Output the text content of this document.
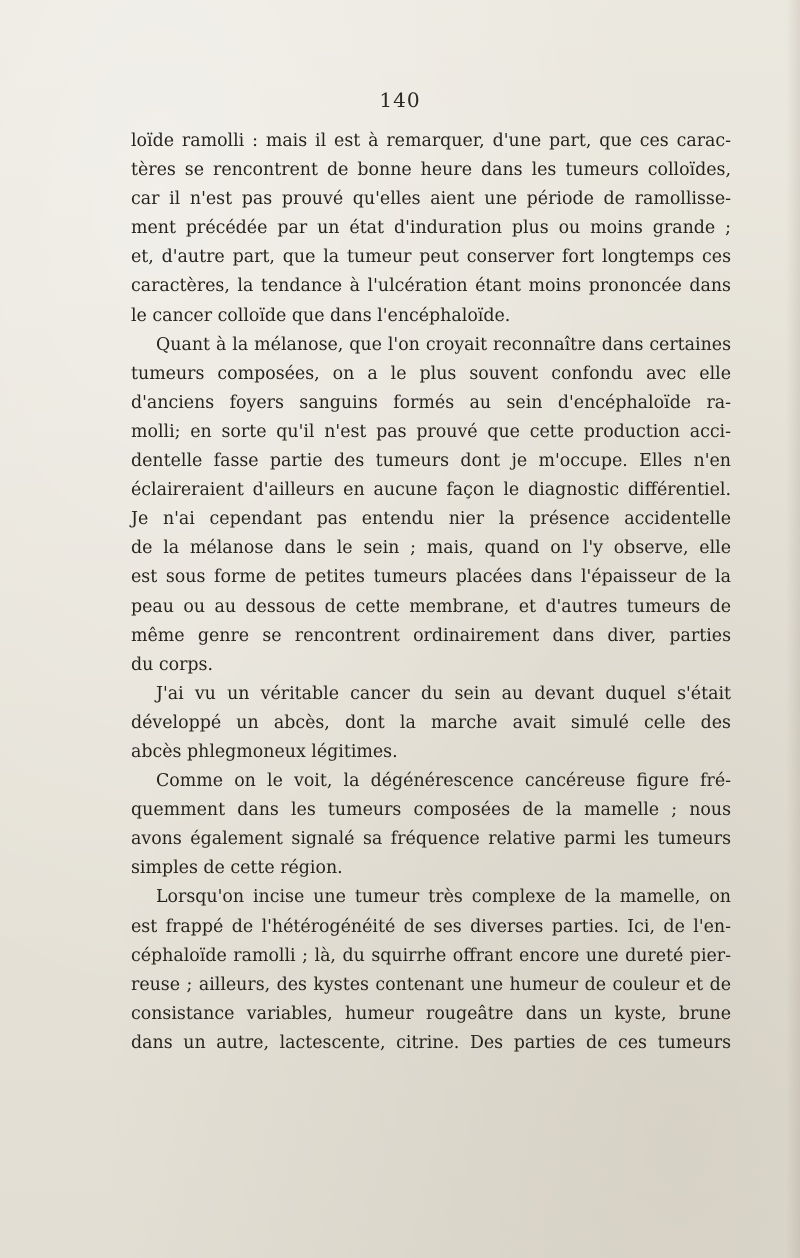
140
loïde ramolli : mais il est à remarquer, d'une part, que ces carac-
tères se rencontrent de bonne heure dans les tumeurs colloïdes,
car il n'est pas prouvé qu'elles aient une période de ramollisse-
ment précédée par un état d'induration plus ou moins grande ;
et, d'autre part, que la tumeur peut conserver fort longtemps ces
caractères, la tendance à l'ulcération étant moins prononcée dans
le cancer colloïde que dans l'encéphaloïde.
Quant à la mélanose, que l'on croyait reconnaître dans certaines
tumeurs composées, on a le plus souvent confondu avec elle
d'anciens foyers sanguins formés au sein d'encéphaloïde ra-
molli; en sorte qu'il n'est pas prouvé que cette production acci-
dentelle fasse partie des tumeurs dont je m'occupe. Elles n'en
éclaireraient d'ailleurs en aucune façon le diagnostic différentiel.
Je n'ai cependant pas entendu nier la présence accidentelle
de la mélanose dans le sein ; mais, quand on l'y observe, elle
est sous forme de petites tumeurs placées dans l'épaisseur de la
peau ou au dessous de cette membrane, et d'autres tumeurs de
même genre se rencontrent ordinairement dans diver, parties
du corps.
J'ai vu un véritable cancer du sein au devant duquel s'était
développé un abcès, dont la marche avait simulé celle des
abcès phlegmoneux légitimes.
Comme on le voit, la dégénérescence cancéreuse figure fré-
quemment dans les tumeurs composées de la mamelle ; nous
avons également signalé sa fréquence relative parmi les tumeurs
simples de cette région.
Lorsqu'on incise une tumeur très complexe de la mamelle, on
est frappé de l'hétérogénéité de ses diverses parties. Ici, de l'en-
céphaloïde ramolli ; là, du squirrhe offrant encore une dureté pier-
reuse ; ailleurs, des kystes contenant une humeur de couleur et de
consistance variables, humeur rougeâtre dans un kyste, brune
dans un autre, lactescente, citrine. Des parties de ces tumeurs
